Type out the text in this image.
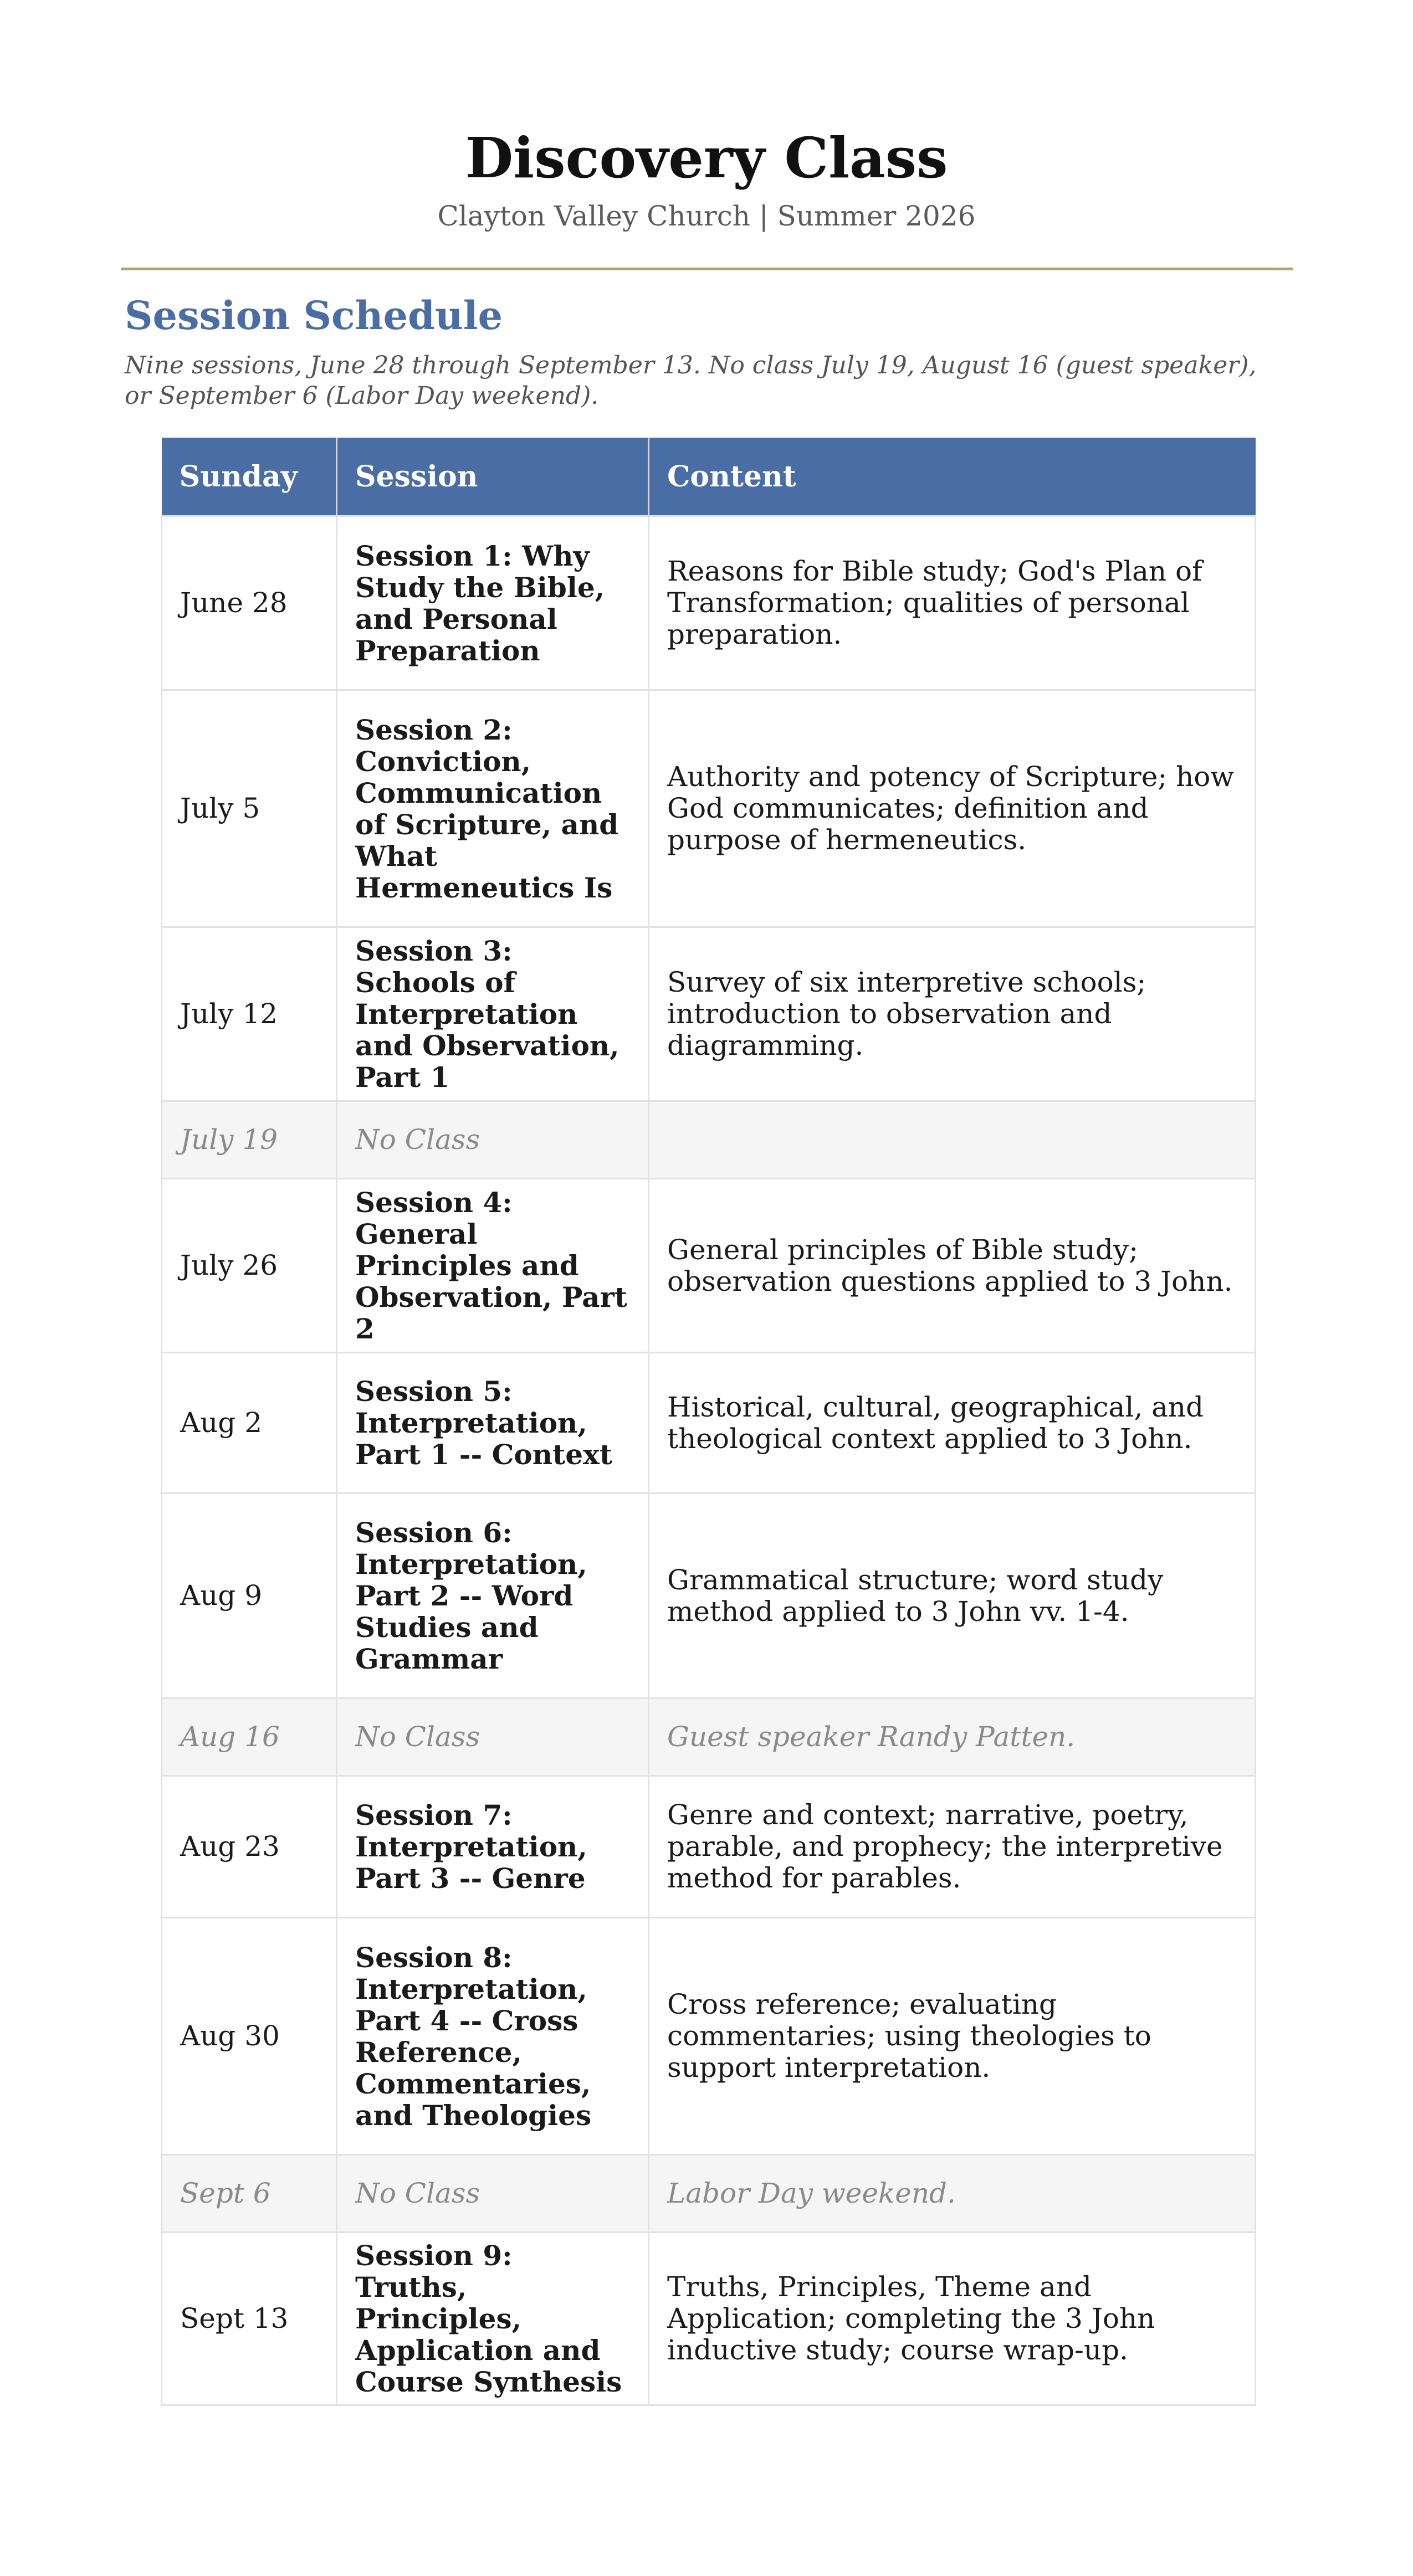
Discovery Class
Clayton Valley Church | Summer 2026
Session Schedule
Nine sessions, June 28 through September 13. No class July 19, August 16 (guest speaker), or September 6 (Labor Day weekend).
Sunday	Session	Content
June 28	Session 1: Why Study the Bible, and Personal Preparation	Reasons for Bible study; God's Plan of Transformation; qualities of personal preparation.
July 5	Session 2: Conviction, Communication of Scripture, and What Hermeneutics Is	Authority and potency of Scripture; how God communicates; definition and purpose of hermeneutics.
July 12	Session 3: Schools of Interpretation and Observation, Part 1	Survey of six interpretive schools; introduction to observation and diagramming.
July 19	No Class	
July 26	Session 4: General Principles and Observation, Part 2	General principles of Bible study; observation questions applied to 3 John.
Aug 2	Session 5: Interpretation, Part 1 -- Context	Historical, cultural, geographical, and theological context applied to 3 John.
Aug 9	Session 6: Interpretation, Part 2 -- Word Studies and Grammar	Grammatical structure; word study method applied to 3 John vv. 1-4.
Aug 16	No Class	Guest speaker Randy Patten.
Aug 23	Session 7: Interpretation, Part 3 -- Genre	Genre and context; narrative, poetry, parable, and prophecy; the interpretive method for parables.
Aug 30	Session 8: Interpretation, Part 4 -- Cross Reference, Commentaries, and Theologies	Cross reference; evaluating commentaries; using theologies to support interpretation.
Sept 6	No Class	Labor Day weekend.
Sept 13	Session 9: Truths, Principles, Application and Course Synthesis	Truths, Principles, Theme and Application; completing the 3 John inductive study; course wrap-up.
